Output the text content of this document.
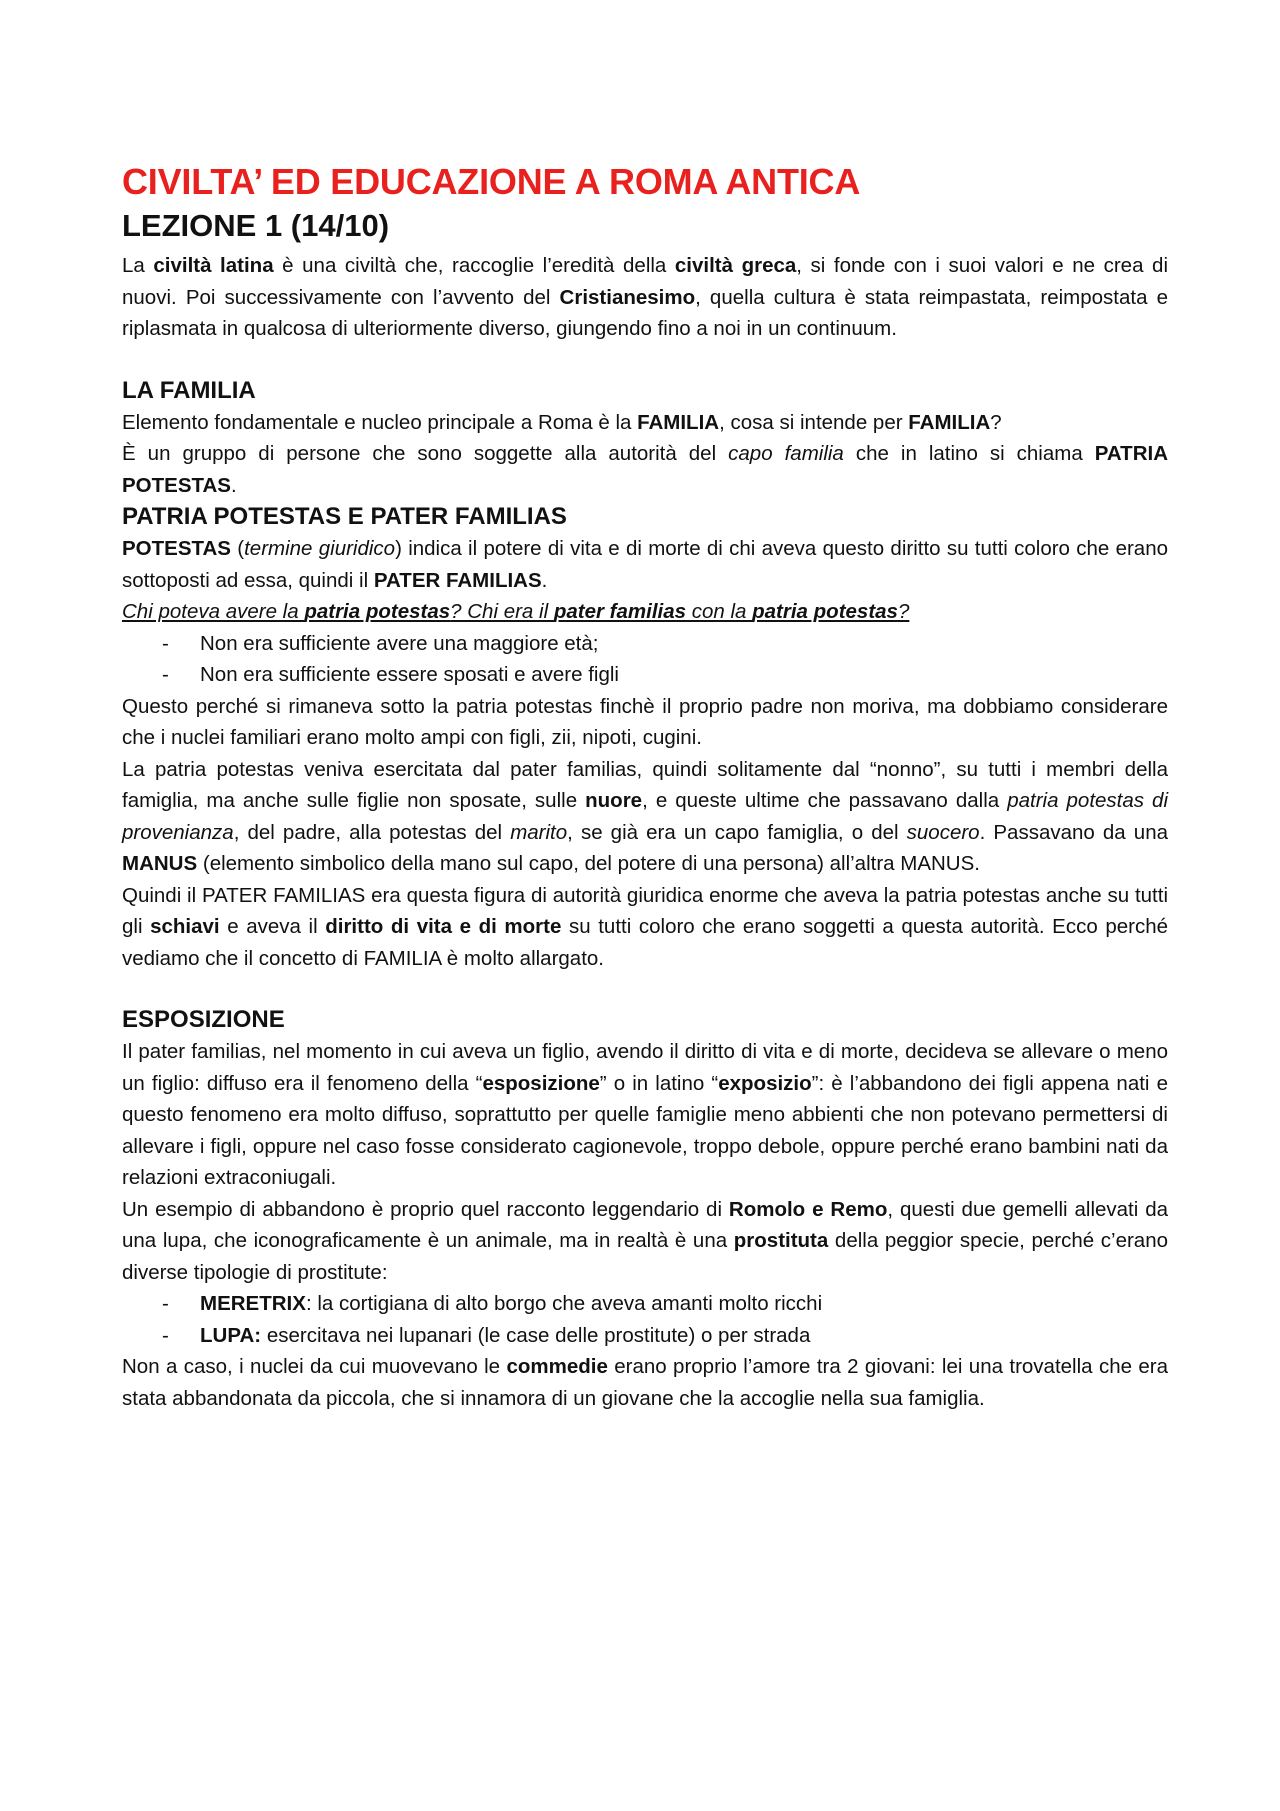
CIVILTA’ ED EDUCAZIONE A ROMA ANTICA
LEZIONE 1 (14/10)

La civiltà latina è una civiltà che, raccoglie l’eredità della civiltà greca, si fonde con i suoi valori e ne crea di nuovi. Poi successivamente con l’avvento del Cristianesimo, quella cultura è stata reimpastata, reimpostata e riplasmata in qualcosa di ulteriormente diverso, giungendo fino a noi in un continuum.

LA FAMILIA

Elemento fondamentale e nucleo principale a Roma è la FAMILIA, cosa si intende per FAMILIA?

È un gruppo di persone che sono soggette alla autorità del capo familia che in latino si chiama PATRIA POTESTAS.

PATRIA POTESTAS E PATER FAMILIAS

POTESTAS (termine giuridico) indica il potere di vita e di morte di chi aveva questo diritto su tutti coloro che erano sottoposti ad essa, quindi il PATER FAMILIAS.

Chi poteva avere la patria potestas? Chi era il pater familias con la patria potestas?

- Non era sufficiente avere una maggiore età;
- Non era sufficiente essere sposati e avere figli

Questo perché si rimaneva sotto la patria potestas finchè il proprio padre non moriva, ma dobbiamo considerare che i nuclei familiari erano molto ampi con figli, zii, nipoti, cugini.

La patria potestas veniva esercitata dal pater familias, quindi solitamente dal “nonno”, su tutti i membri della famiglia, ma anche sulle figlie non sposate, sulle nuore, e queste ultime che passavano dalla patria potestas di provenianza, del padre, alla potestas del marito, se già era un capo famiglia, o del suocero. Passavano da una MANUS (elemento simbolico della mano sul capo, del potere di una persona) all’altra MANUS.

Quindi il PATER FAMILIAS era questa figura di autorità giuridica enorme che aveva la patria potestas anche su tutti gli schiavi e aveva il diritto di vita e di morte su tutti coloro che erano soggetti a questa autorità. Ecco perché vediamo che il concetto di FAMILIA è molto allargato.

ESPOSIZIONE

Il pater familias, nel momento in cui aveva un figlio, avendo il diritto di vita e di morte, decideva se allevare o meno un figlio: diffuso era il fenomeno della “esposizione” o in latino “exposizio”: è l’abbandono dei figli appena nati e questo fenomeno era molto diffuso, soprattutto per quelle famiglie meno abbienti che non potevano permettersi di allevare i figli, oppure nel caso fosse considerato cagionevole, troppo debole, oppure perché erano bambini nati da relazioni extraconiugali.

Un esempio di abbandono è proprio quel racconto leggendario di Romolo e Remo, questi due gemelli allevati da una lupa, che iconograficamente è un animale, ma in realtà è una prostituta della peggior specie, perché c’erano diverse tipologie di prostitute:

- MERETRIX: la cortigiana di alto borgo che aveva amanti molto ricchi
- LUPA: esercitava nei lupanari (le case delle prostitute) o per strada

Non a caso, i nuclei da cui muovevano le commedie erano proprio l’amore tra 2 giovani: lei una trovatella che era stata abbandonata da piccola, che si innamora di un giovane che la accoglie nella sua famiglia.
